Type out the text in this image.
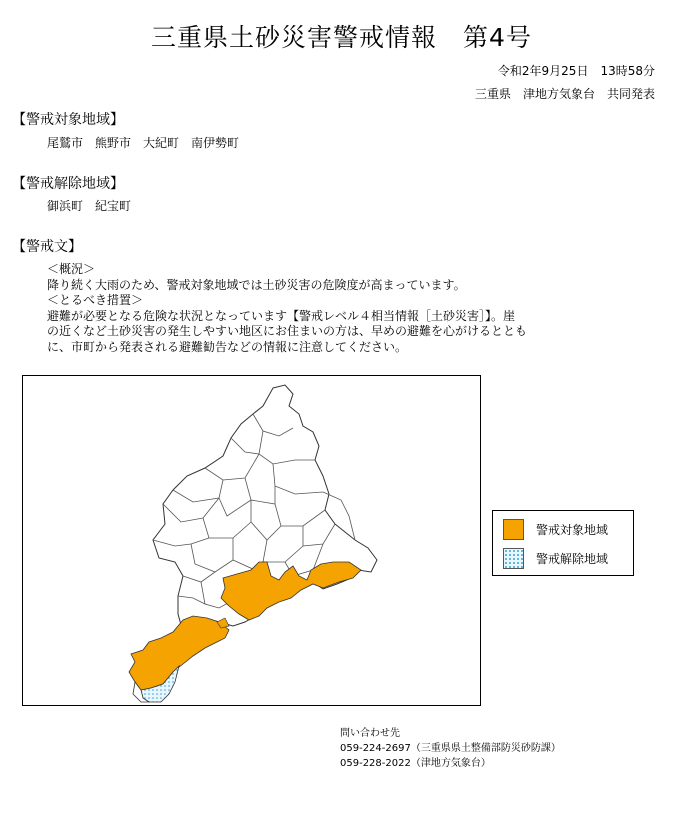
三重県土砂災害警戒情報　第4号
令和2年9月25日　13時58分
三重県　津地方気象台　共同発表
【警戒対象地域】
尾鷲市　熊野市　大紀町　南伊勢町
【警戒解除地域】
御浜町　紀宝町
【警戒文】
＜概況＞
降り続く大雨のため、警戒対象地域では土砂災害の危険度が高まっています。
＜とるべき措置＞
避難が必要となる危険な状況となっています【警戒レベル４相当情報［土砂災害］】。崖
の近くなど土砂災害の発生しやすい地区にお住まいの方は、早めの避難を心がけるととも
に、市町から発表される避難勧告などの情報に注意してください。
警戒対象地域
警戒解除地域
問い合わせ先
059-224-2697（三重県県土整備部防災砂防課）
059-228-2022（津地方気象台）
